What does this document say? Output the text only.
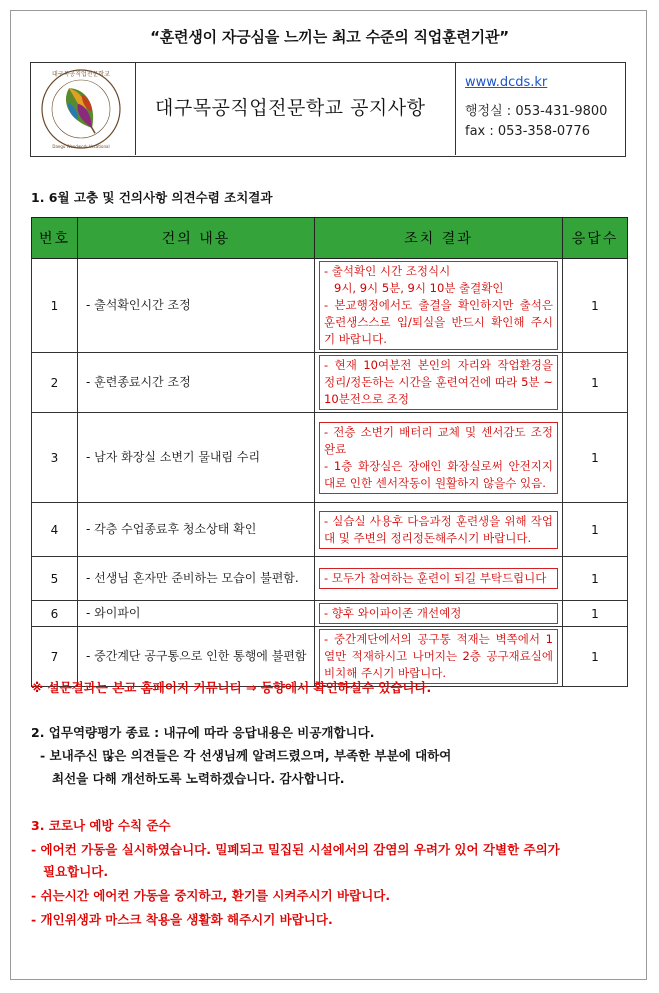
“훈련생이 자긍심을 느끼는 최고 수준의 직업훈련기관”
대구목공직업전문학교
Daegu Woodwork Vocational
대구목공직업전문학교 공지사항
www.dcds.kr
행정실 : 053-431-9800
fax : 053-358-0776
1. 6월 고충 및 건의사항 의견수렴 조치결과
번호	건의 내용	조치 결과	응답수
1	- 출석확인시간 조정	- 출석확인 시간 조정식시
9시, 9시 5분, 9시 10분 출결확인
- 본교행정에서도 출결을 확인하지만 출석은 훈련생스스로 입/퇴실을 반드시 확인해 주시기 바랍니다.	1
2	- 훈련종료시간 조정	- 현재 10여분전 본인의 자리와 작업환경을 정리/정돈하는 시간을 훈련여건에 따라 5분 ~ 10분전으로 조정	1
3	- 남자 화장실 소변기 물내림 수리	- 전층 소변기 배터리 교체 및 센서감도 조정완료
- 1층 화장실은 장애인 화장실로써 안전지지대로 인한 센서작동이 원활하지 않을수 있음.	1
4	- 각층 수업종료후 청소상태 확인	- 실습실 사용후 다음과정 훈련생을 위해 작업대 및 주변의 정리정돈해주시기 바랍니다.	1
5	- 선생님 혼자만 준비하는 모습이 불편함.	- 모두가 참여하는 훈련이 되길 부탁드립니다	1
6	- 와이파이	- 향후 와이파이존 개선예정	1
7	- 중간계단 공구통으로 인한 통행에 불편함	- 중간계단에서의 공구통 적재는 벽쪽에서 1열만 적재하시고 나머지는 2층 공구재료실에 비치해 주시기 바랍니다.	1
※ 설문결과는 본교 홈페이지 커뮤니티 ⇒ 동향에서 확인하실수 있습니다.
2. 업무역량평가 종료 : 내규에 따라 응답내용은 비공개합니다.
- 보내주신 많은 의견들은 각 선생님께 알려드렸으며, 부족한 부분에 대하여
최선을 다해 개선하도록 노력하겠습니다. 감사합니다.
3. 코로나 예방 수칙 준수
- 에어컨 가동을 실시하였습니다. 밀폐되고 밀집된 시설에서의 감염의 우려가 있어 각별한 주의가
필요합니다.
- 쉬는시간 에어컨 가동을 중지하고, 환기를 시켜주시기 바랍니다.
- 개인위생과 마스크 착용을 생활화 해주시기 바랍니다.
